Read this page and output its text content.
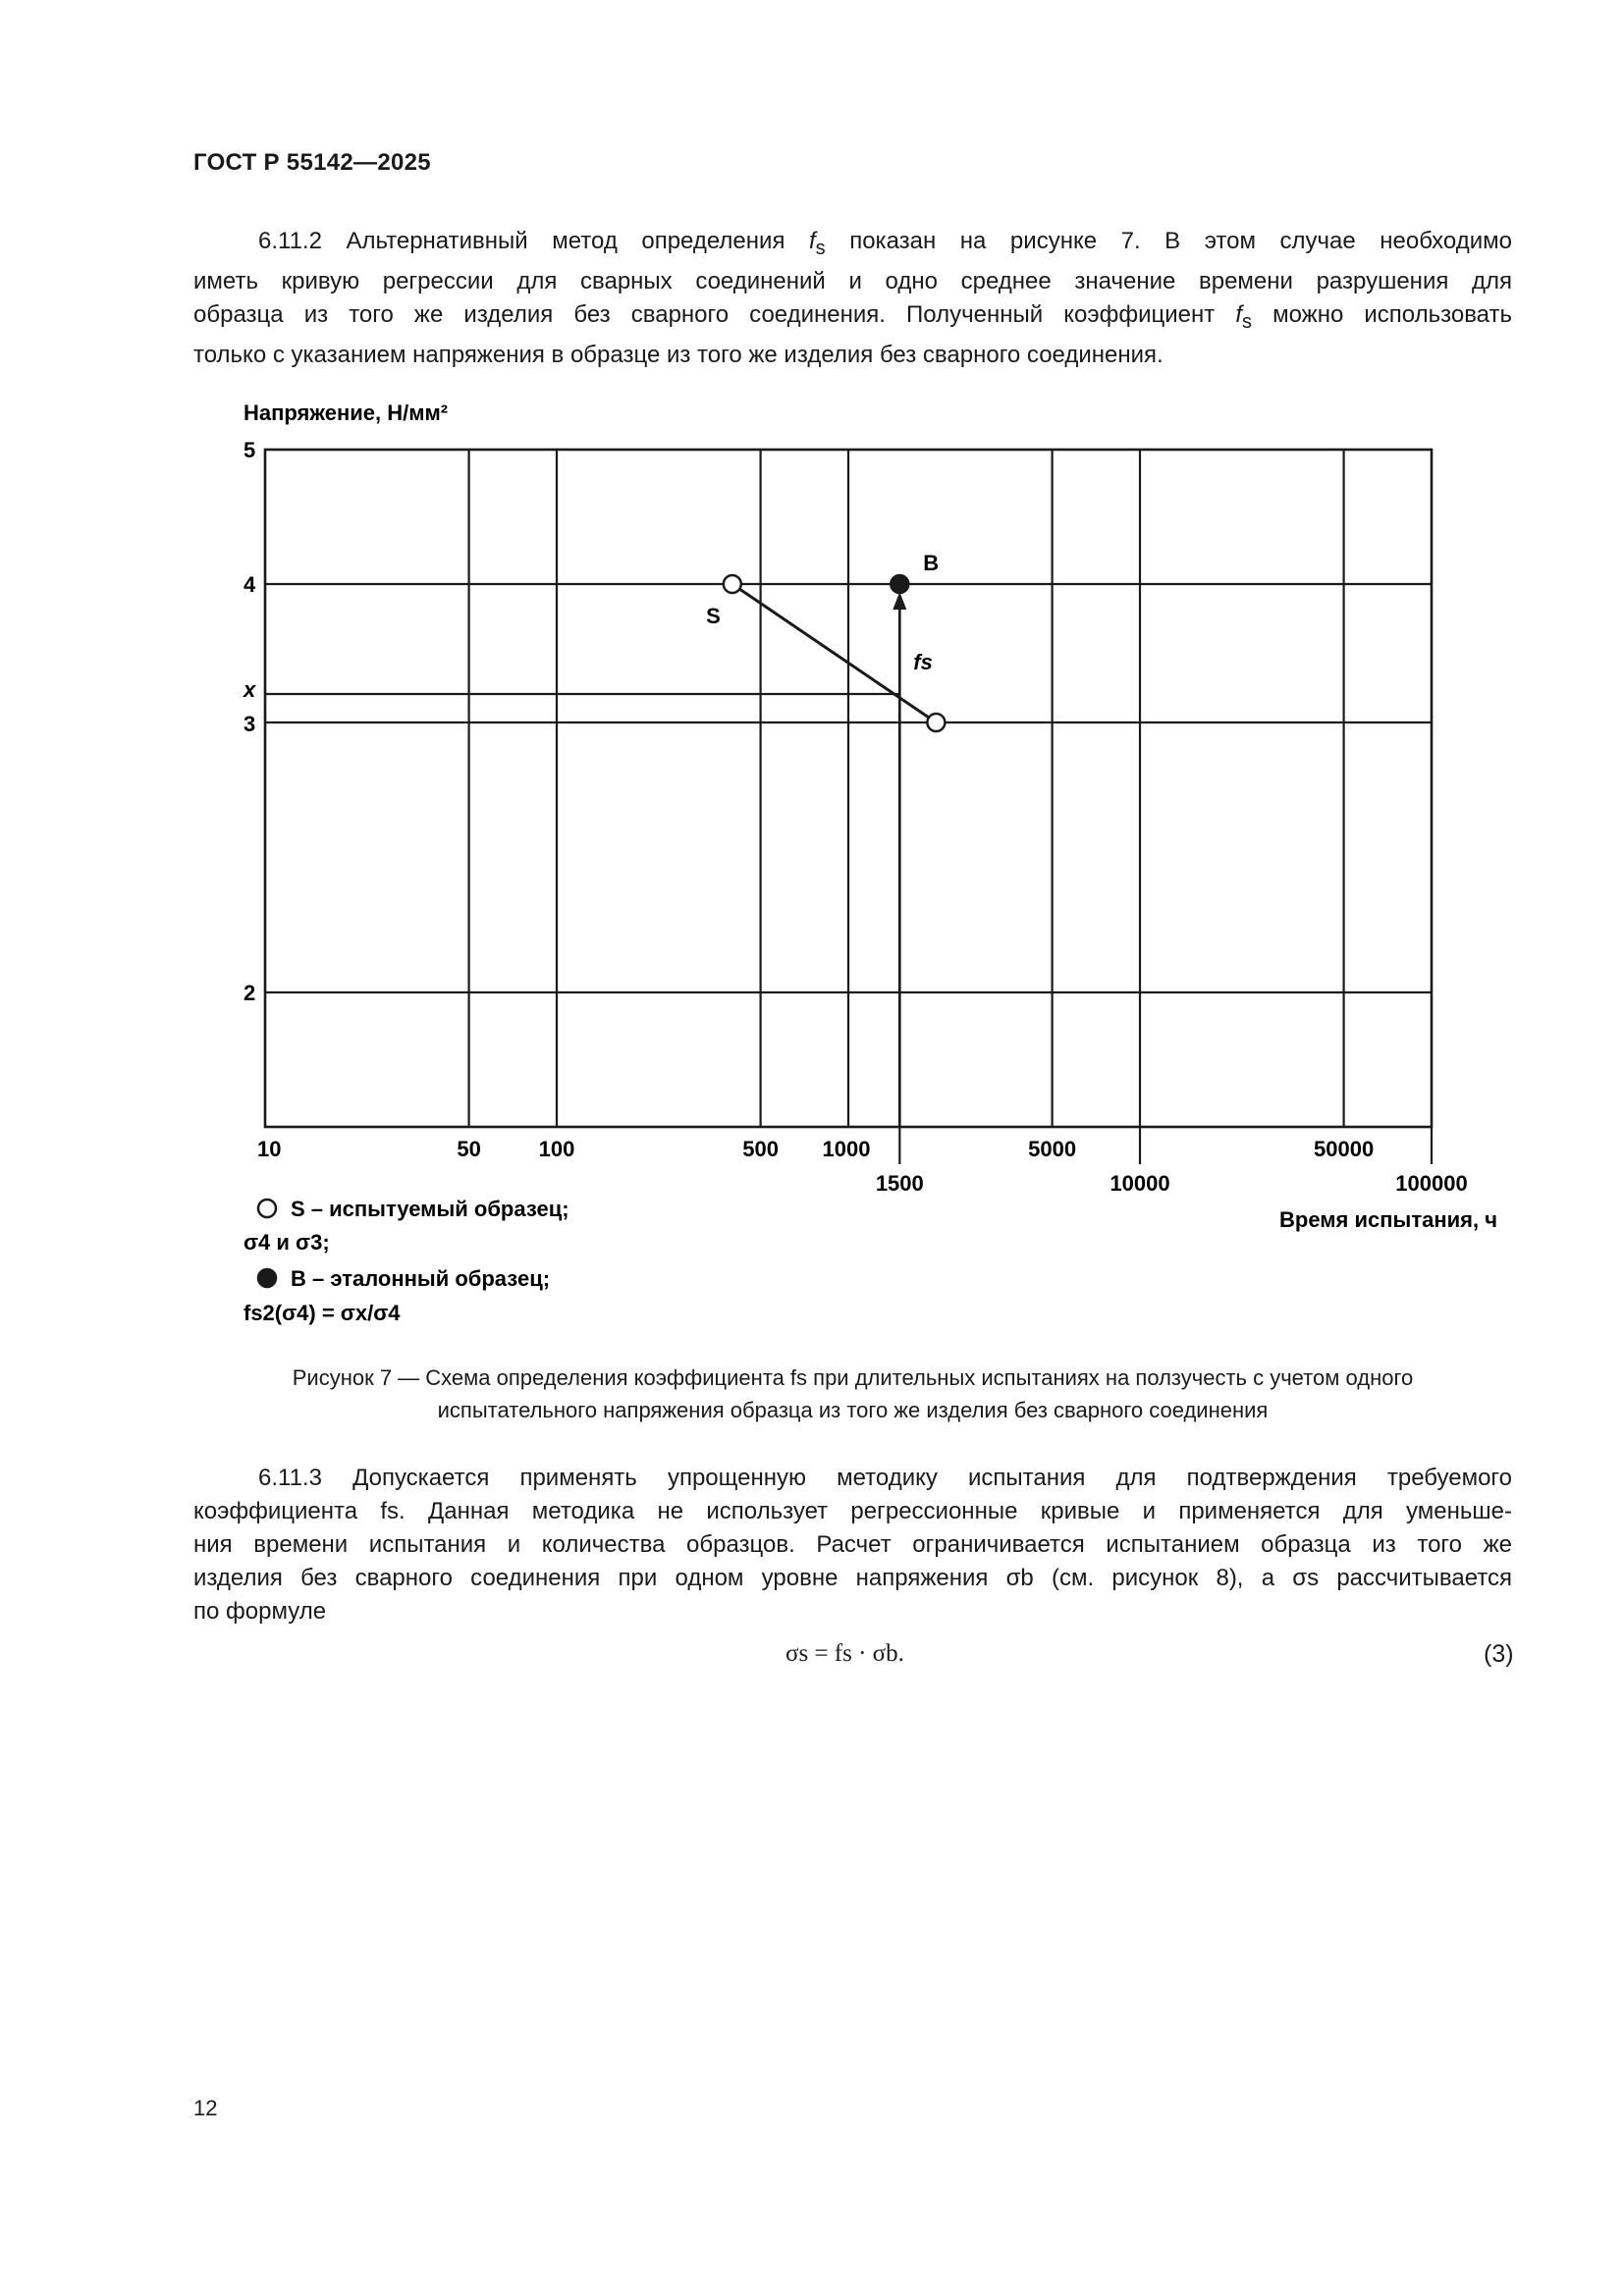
ГОСТ Р 55142—2025
6.11.2 Альтернативный метод определения $f_s$ показан на рисунке 7. В этом случае необходимо
иметь кривую регрессии для сварных соединений и одно среднее значение времени разрушения для
образца из того же изделия без сварного соединения. Полученный коэффициент $f_s$ можно использовать
только с указанием напряжения в образце из того же изделия без сварного соединения.
Напряжение, Н/мм²
S
B
fs
5
4
x
3
2
10	50	100	500 1000	5000	50000
1500	10000	100000
Время испытания, ч
S – испытуемый образец;
σ4 и σ3;
B – эталонный образец;
fs2(σ4) = σx/σ4
Рисунок 7 — Схема определения коэффициента fs при длительных испытаниях на ползучесть с учетом одного
испытательного напряжения образца из того же изделия без сварного соединения
6.11.3 Допускается применять упрощенную методику испытания для подтверждения требуемого
коэффициента fs. Данная методика не использует регрессионные кривые и применяется для уменьше-
ния времени испытания и количества образцов. Расчет ограничивается испытанием образца из того же
изделия без сварного соединения при одном уровне напряжения σb (см. рисунок 8), а σs рассчитывается
по формуле
σs = fs · σb.	(3)
12
